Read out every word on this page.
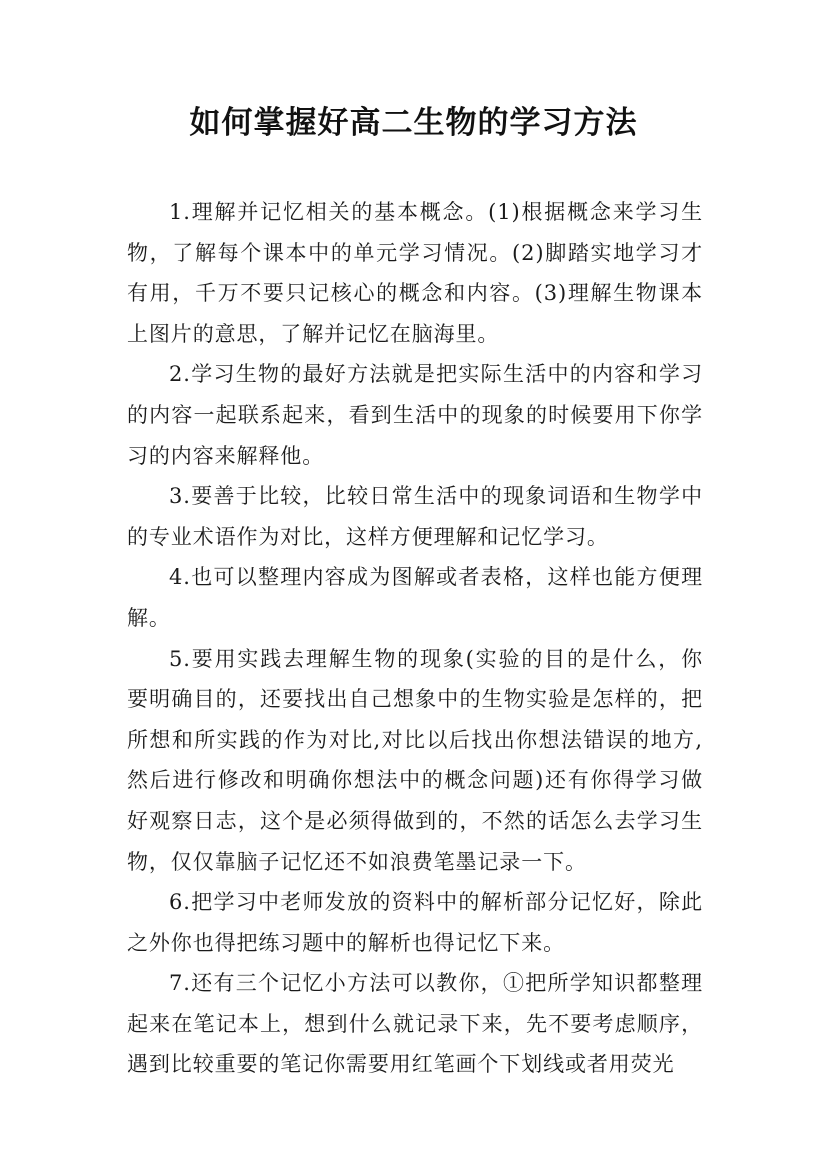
如何掌握好高二生物的学习方法

1.理解并记忆相关的基本概念。(1)根据概念来学习生物，了解每个课本中的单元学习情况。(2)脚踏实地学习才有用，千万不要只记核心的概念和内容。(3)理解生物课本上图片的意思，了解并记忆在脑海里。

2.学习生物的最好方法就是把实际生活中的内容和学习的内容一起联系起来，看到生活中的现象的时候要用下你学习的内容来解释他。

3.要善于比较，比较日常生活中的现象词语和生物学中的专业术语作为对比，这样方便理解和记忆学习。

4.也可以整理内容成为图解或者表格，这样也能方便理解。

5.要用实践去理解生物的现象(实验的目的是什么，你要明确目的，还要找出自己想象中的生物实验是怎样的，把所想和所实践的作为对比,对比以后找出你想法错误的地方,然后进行修改和明确你想法中的概念问题)还有你得学习做好观察日志，这个是必须得做到的，不然的话怎么去学习生物，仅仅靠脑子记忆还不如浪费笔墨记录一下。

6.把学习中老师发放的资料中的解析部分记忆好，除此之外你也得把练习题中的解析也得记忆下来。

7.还有三个记忆小方法可以教你，①把所学知识都整理起来在笔记本上，想到什么就记录下来，先不要考虑顺序，遇到比较重要的笔记你需要用红笔画个下划线或者用荧光
